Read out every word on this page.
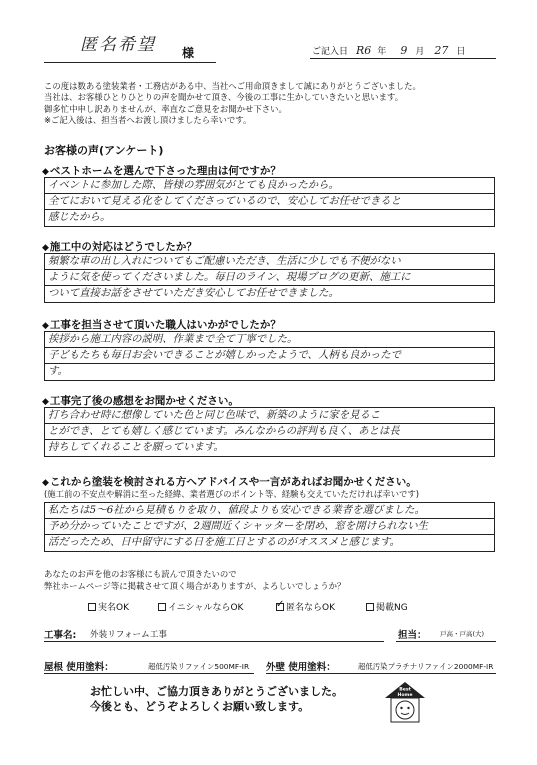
匿名希望 様	ご記入日 R6 年 9 月 27 日
この度は数ある塗装業者・工務店がある中、当社へご用命頂きまして誠にありがとうございました。
当社は、お客様ひとりひとりの声を聞かせて頂き、今後の工事に生かしていきたいと思います。
御多忙中申し訳ありませんが、率直なご意見をお聞かせ下さい。
※ご記入後は、担当者へお渡し頂けましたら幸いです。
お客様の声(アンケート)
◆ ベストホームを選んで下さった理由は何ですか？
イベントに参加した際、皆様の雰囲気がとても良かったから。
全てにおいて見える化をしてくださっているので、安心してお任せできると
感じたから。
◆ 施工中の対応はどうでしたか？
頻繁な車の出し入れについてもご配慮いただき、生活に少しでも不便がない
ように気を使ってくださいました。毎日のライン、現場ブログの更新、施工に
ついて直接お話をさせていただき安心してお任せできました。
◆ 工事を担当させて頂いた職人はいかがでしたか？
挨拶から施工内容の説明、作業まで全て丁寧でした。
子どもたちも毎日お会いできることが嬉しかったようで、人柄も良かったで
す。
◆ 工事完了後の感想をお聞かせください。
打ち合わせ時に想像していた色と同じ色味で、新築のように家を見るこ
とができ、とても嬉しく感じています。みんなからの評判も良く、あとは長
持ちしてくれることを願っています。
◆ これから塗装を検討される方へアドバイスや一言があればお聞かせください。
(施工前の不安点や解消に至った経緯、業者選びのポイント等、経験も交えていただければ幸いです)
私たちは5～6社から見積もりを取り、値段よりも安心できる業者を選びました。
予め分かっていたことですが、2週間近くシャッターを閉め、窓を開けられない生
活だったため、日中留守にする日を施工日とするのがオススメと感じます。
あなたのお声を他のお客様にも読んで頂きたいので
弊社ホームページ等に掲載させて頂く場合がありますが、よろしいでしょうか？
実名OK	イニシャルならOK
✓	匿名ならOK	掲載NG
工事名: 外装リフォーム工事	担当： 戸高・戸高(大)
屋根 使用塗料：	超低汚染リファイン500MF-IR 外壁 使用塗料：	超低汚染プラチナリファイン2000MF-IR
お忙しい中、ご協力頂きありがとうございました。
今後とも、どうぞよろしくお願い致します。
Best
Home
